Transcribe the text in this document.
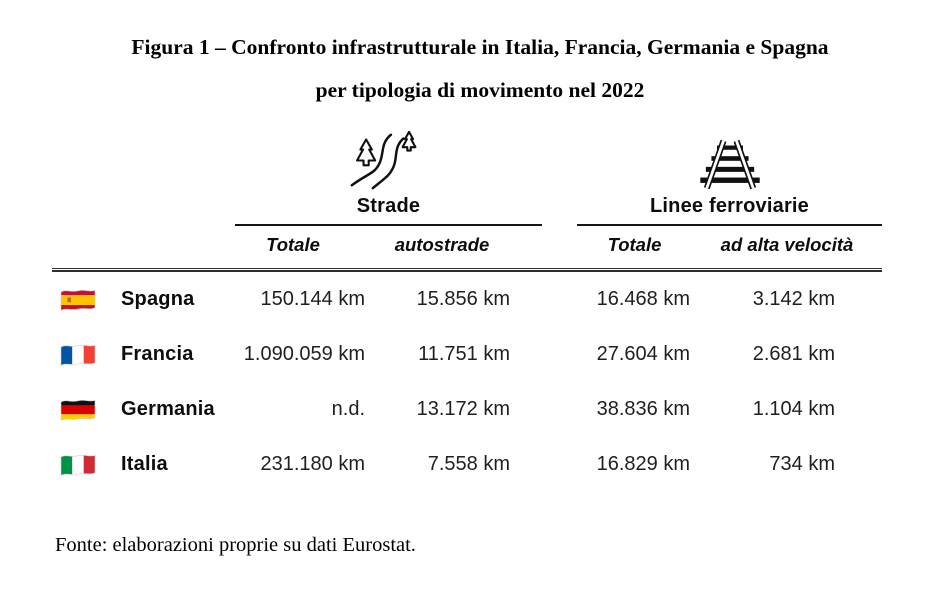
Figura 1 – Confronto infrastrutturale in Italia, Francia, Germania e Spagna
per tipologia di movimento nel 2022
Strade	Linee ferroviarie
Totale	autostrade	Totale	ad alta velocità
Spagna	150.144 km	15.856 km	16.468 km	3.142 km
Francia	1.090.059 km	11.751 km	27.604 km	2.681 km
Germania	n.d.	13.172 km	38.836 km	1.104 km
Italia	231.180 km	7.558 km	16.829 km	734 km
Fonte: elaborazioni proprie su dati Eurostat.
